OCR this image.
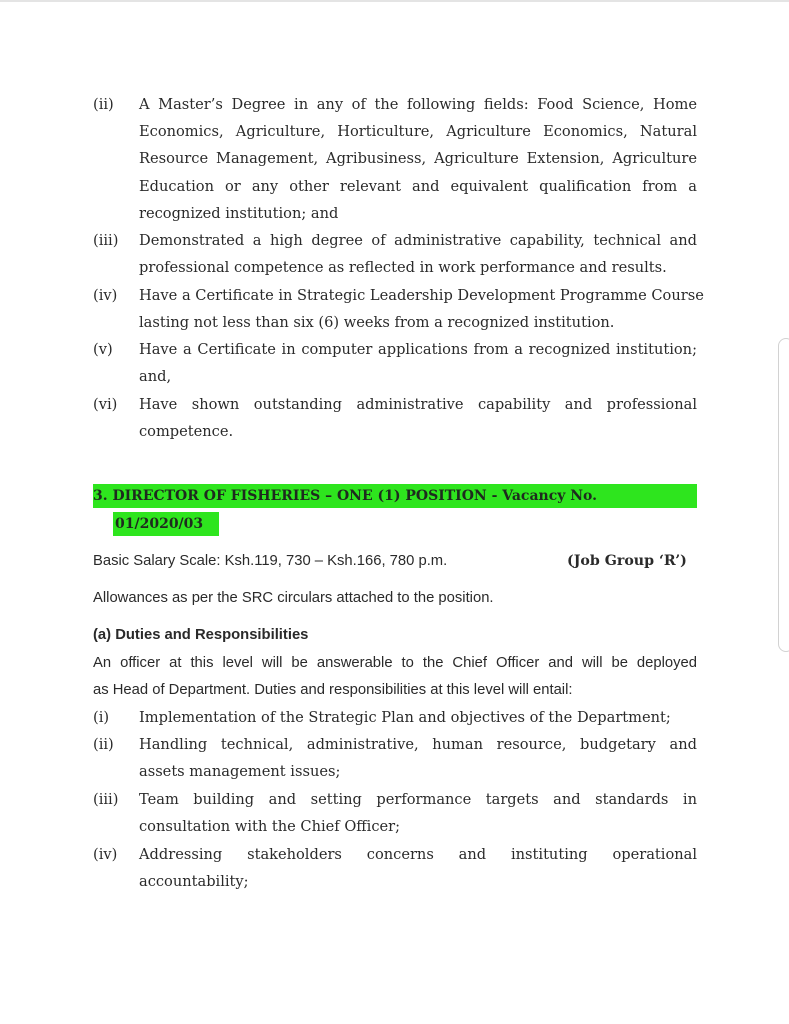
(ii)	A Master’s Degree in any of the following fields: Food Science, Home
Economics, Agriculture, Horticulture, Agriculture Economics, Natural
Resource Management, Agribusiness, Agriculture Extension, Agriculture
Education or any other relevant and equivalent qualification from a
recognized institution; and
(iii)	Demonstrated a high degree of administrative capability, technical and
professional competence as reflected in work performance and results.
(iv)	Have a Certificate in Strategic Leadership Development Programme Course
lasting not less than six (6) weeks from a recognized institution.
(v)	Have a Certificate in computer applications from a recognized institution;
and,
(vi)	Have shown outstanding administrative capability and professional
competence.
3. DIRECTOR OF FISHERIES – ONE (1) POSITION - Vacancy No.
01/2020/03
Basic Salary Scale: Ksh.119, 730 – Ksh.166, 780 p.m.	(Job Group ‘R’)
Allowances as per the SRC circulars attached to the position.
(a) Duties and Responsibilities
An officer at this level will be answerable to the Chief Officer and will be deployed
as Head of Department. Duties and responsibilities at this level will entail:
(i)	Implementation of the Strategic Plan and objectives of the Department;
(ii)	Handling technical, administrative, human resource, budgetary and
assets management issues;
(iii)	Team building and setting performance targets and standards in
consultation with the Chief Officer;
(iv)	Addressing stakeholders concerns and instituting operational
accountability;
